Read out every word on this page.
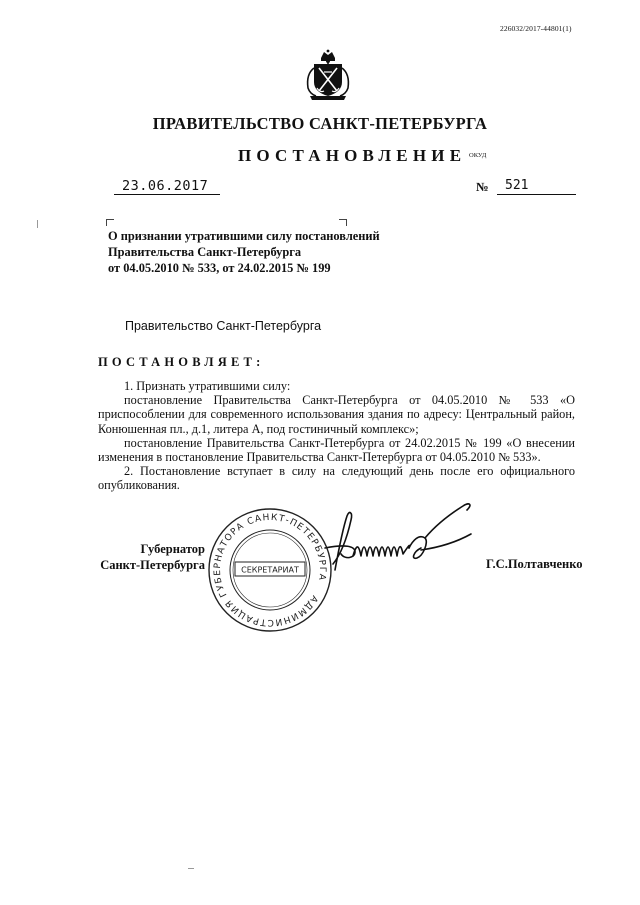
226032/2017-44801(1)
ПРАВИТЕЛЬСТВО САНКТ-ПЕТЕРБУРГА
ПОСТАНОВЛЕНИЕ ОКУД
23.06.2017	№ 521
О признании утратившими силу постановлений
Правительства Санкт-Петербурга
от 04.05.2010 № 533, от 24.02.2015 № 199
Правительство Санкт-Петербурга
ПОСТАНОВЛЯЕТ:

1. Признать утратившими силу:

постановление Правительства Санкт-Петербурга от 04.05.2010 № 533 «О приспособлении для современного использования здания по адресу: Центральный район, Конюшенная пл., д.1, литера А, под гостиничный комплекс»;

постановление Правительства Санкт-Петербурга от 24.02.2015 № 199 «О внесении изменения в постановление Правительства Санкт-Петербурга от 04.05.2010 № 533».

2. Постановление вступает в силу на следующий день после его официального опубликования.

Губернатор
Санкт-Петербурга
АДМИНИСТРАЦИЯ ГУБЕРНАТОРА САНКТ-ПЕТЕРБУРГА
СЕКРЕТАРИАТ	Г.С.Полтавченко
